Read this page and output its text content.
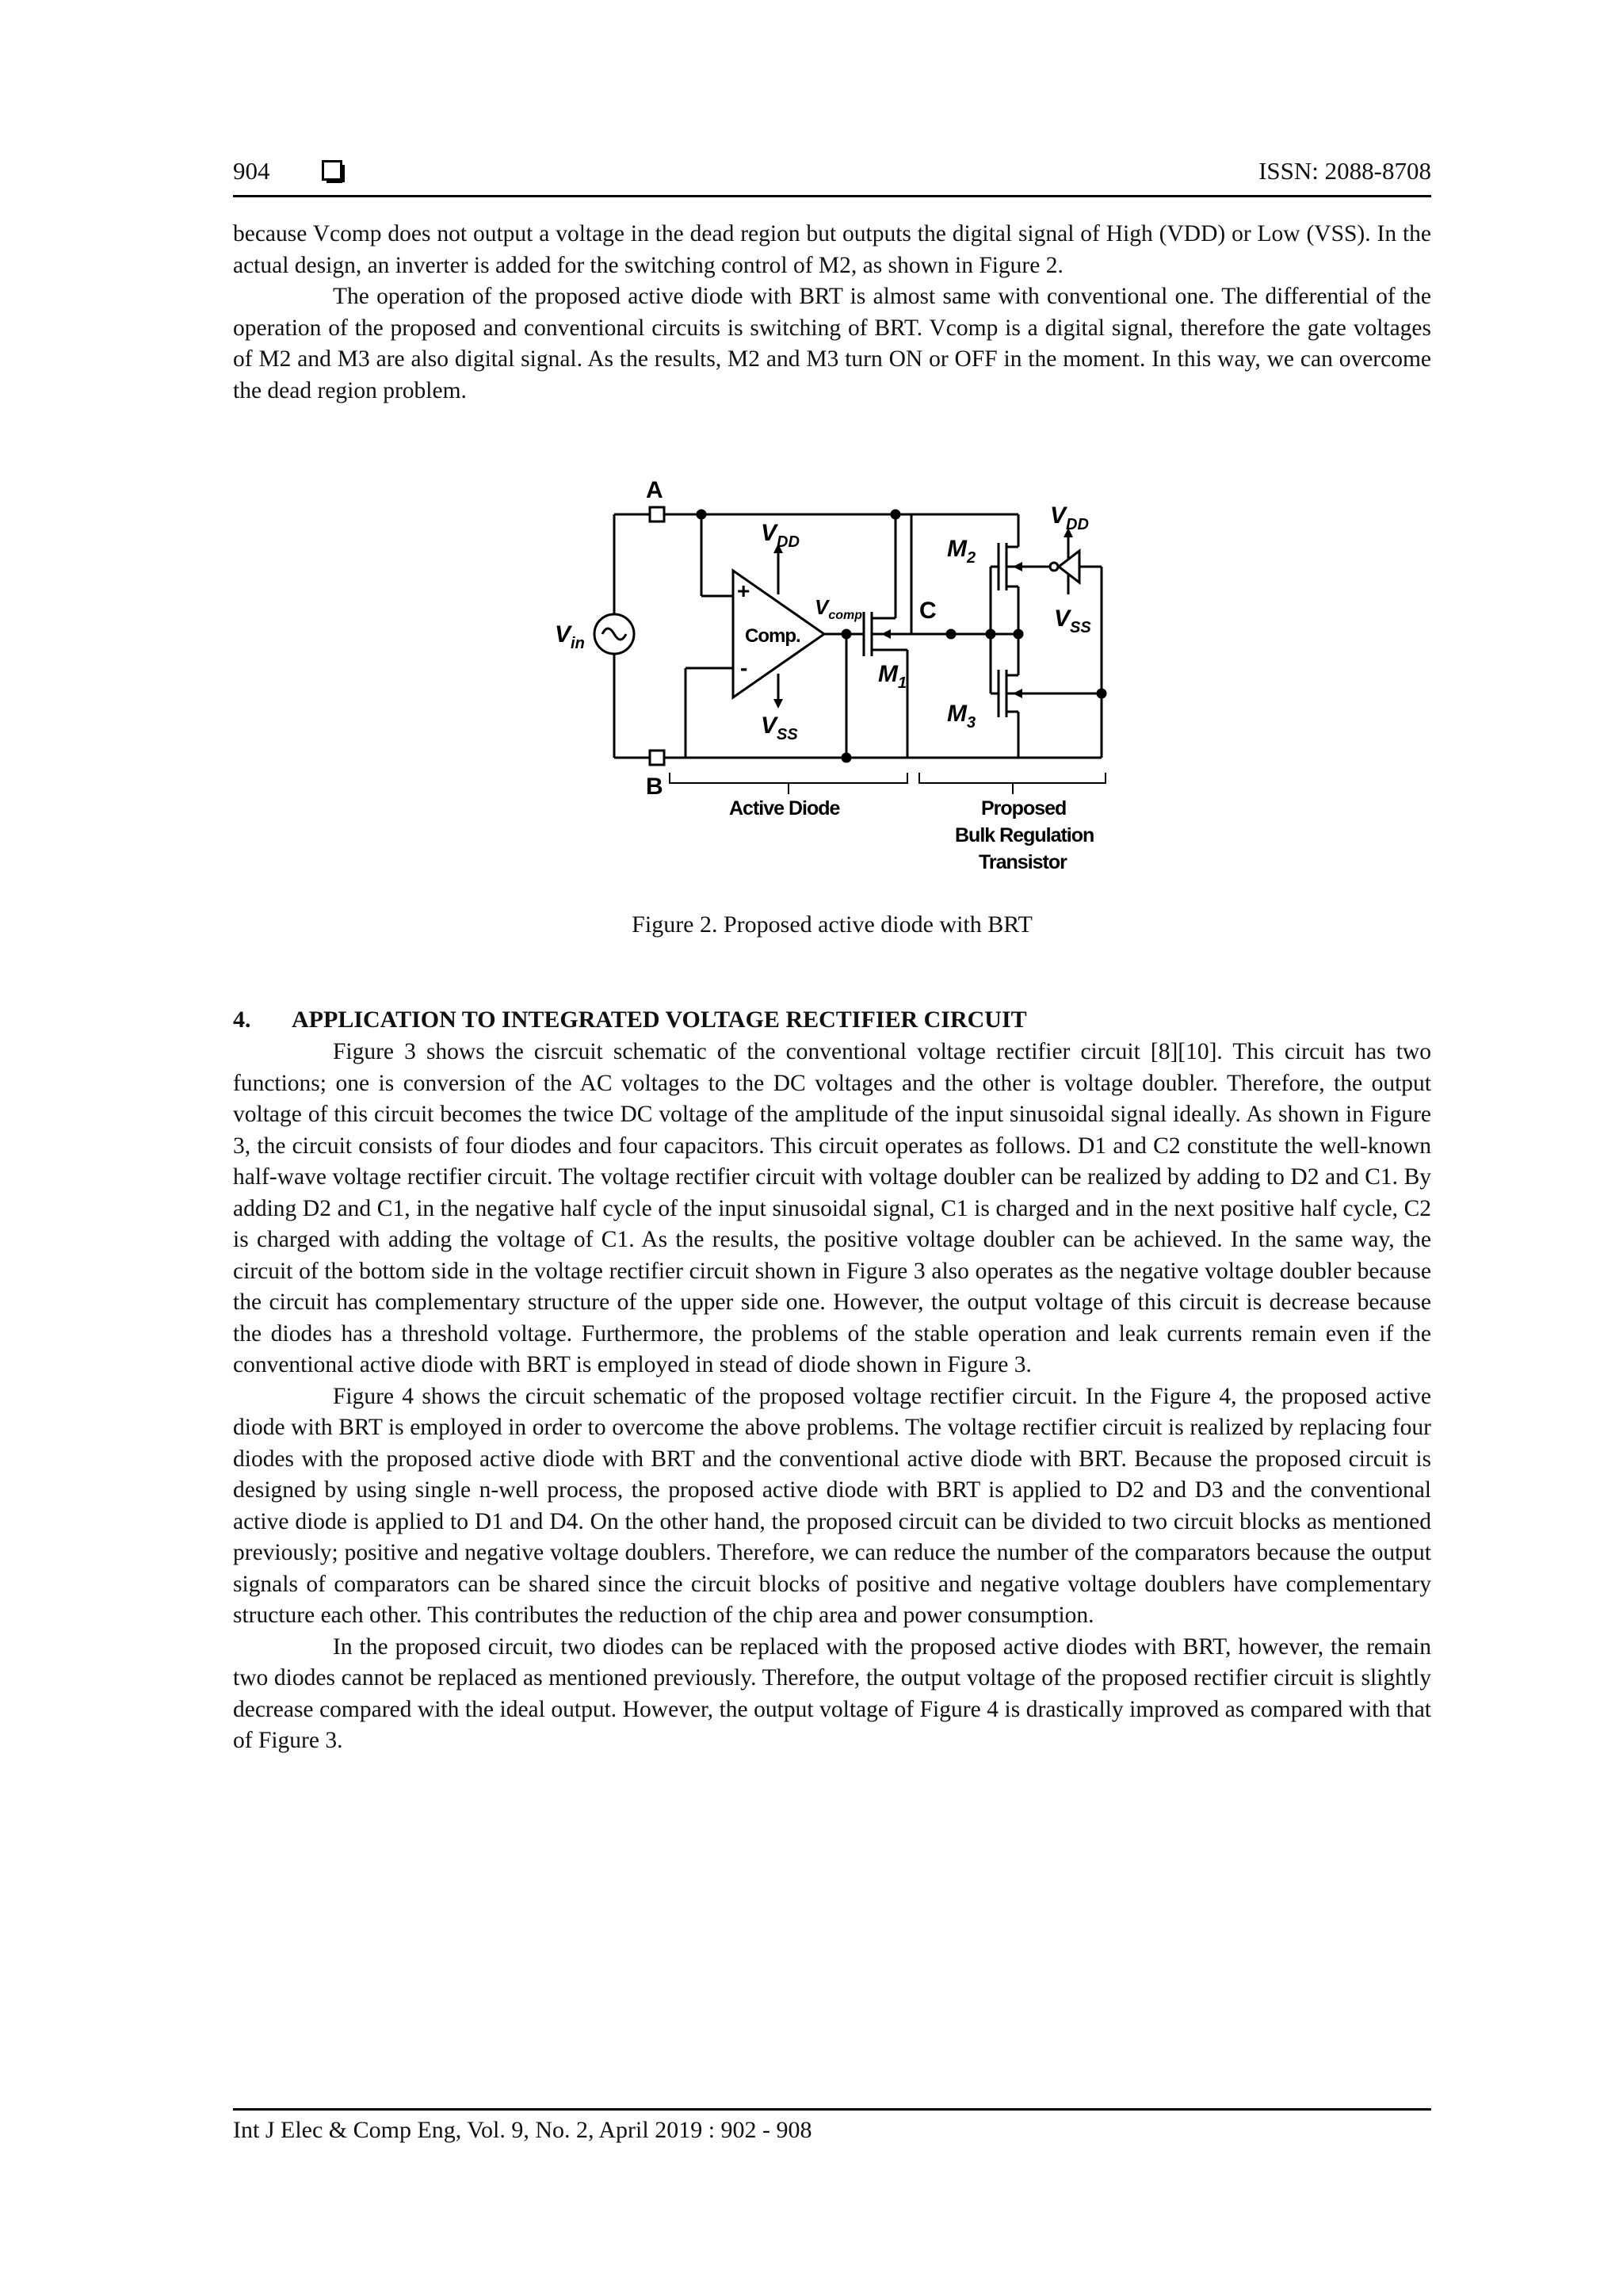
904	ISSN: 2088-8708

because Vcomp does not output a voltage in the dead region but outputs the digital signal of High (VDD) or Low (VSS). In the actual design, an inverter is added for the switching control of M2, as shown in Figure 2.

The operation of the proposed active diode with BRT is almost same with conventional one. The differential of the operation of the proposed and conventional circuits is switching of BRT. Vcomp is a digital signal, therefore the gate voltages of M2 and M3 are also digital signal. As the results, M2 and M3 turn ON or OFF in the moment. In this way, we can overcome the dead region problem.

A
B
$V_{in}$
+
-
Comp.
$V_{DD}$
$V_{SS}$
$V_{comp}$
$M_1$
C
$M_2$
$M_3$
$V_{DD}$
$V_{SS}$
Active Diode	Proposed
Bulk Regulation
Transistor
Figure 2. Proposed active diode with BRT
4. APPLICATION TO INTEGRATED VOLTAGE RECTIFIER CIRCUIT

Figure 3 shows the cisrcuit schematic of the conventional voltage rectifier circuit [8][10]. This circuit has two functions; one is conversion of the AC voltages to the DC voltages and the other is voltage doubler. Therefore, the output voltage of this circuit becomes the twice DC voltage of the amplitude of the input sinusoidal signal ideally. As shown in Figure 3, the circuit consists of four diodes and four capacitors. This circuit operates as follows. D1 and C2 constitute the well-known half-wave voltage rectifier circuit. The voltage rectifier circuit with voltage doubler can be realized by adding to D2 and C1. By adding D2 and C1, in the negative half cycle of the input sinusoidal signal, C1 is charged and in the next positive half cycle, C2 is charged with adding the voltage of C1. As the results, the positive voltage doubler can be achieved. In the same way, the circuit of the bottom side in the voltage rectifier circuit shown in Figure 3 also operates as the negative voltage doubler because the circuit has complementary structure of the upper side one. However, the output voltage of this circuit is decrease because the diodes has a threshold voltage. Furthermore, the problems of the stable operation and leak currents remain even if the conventional active diode with BRT is employed in stead of diode shown in Figure 3.

Figure 4 shows the circuit schematic of the proposed voltage rectifier circuit. In the Figure 4, the proposed active diode with BRT is employed in order to overcome the above problems. The voltage rectifier circuit is realized by replacing four diodes with the proposed active diode with BRT and the conventional active diode with BRT. Because the proposed circuit is designed by using single n-well process, the proposed active diode with BRT is applied to D2 and D3 and the conventional active diode is applied to D1 and D4. On the other hand, the proposed circuit can be divided to two circuit blocks as mentioned previously; positive and negative voltage doublers. Therefore, we can reduce the number of the comparators because the output signals of comparators can be shared since the circuit blocks of positive and negative voltage doublers have complementary structure each other. This contributes the reduction of the chip area and power consumption.

In the proposed circuit, two diodes can be replaced with the proposed active diodes with BRT, however, the remain two diodes cannot be replaced as mentioned previously. Therefore, the output voltage of the proposed rectifier circuit is slightly decrease compared with the ideal output. However, the output voltage of Figure 4 is drastically improved as compared with that of Figure 3.

Int J Elec & Comp Eng, Vol. 9, No. 2, April 2019 : 902 - 908
